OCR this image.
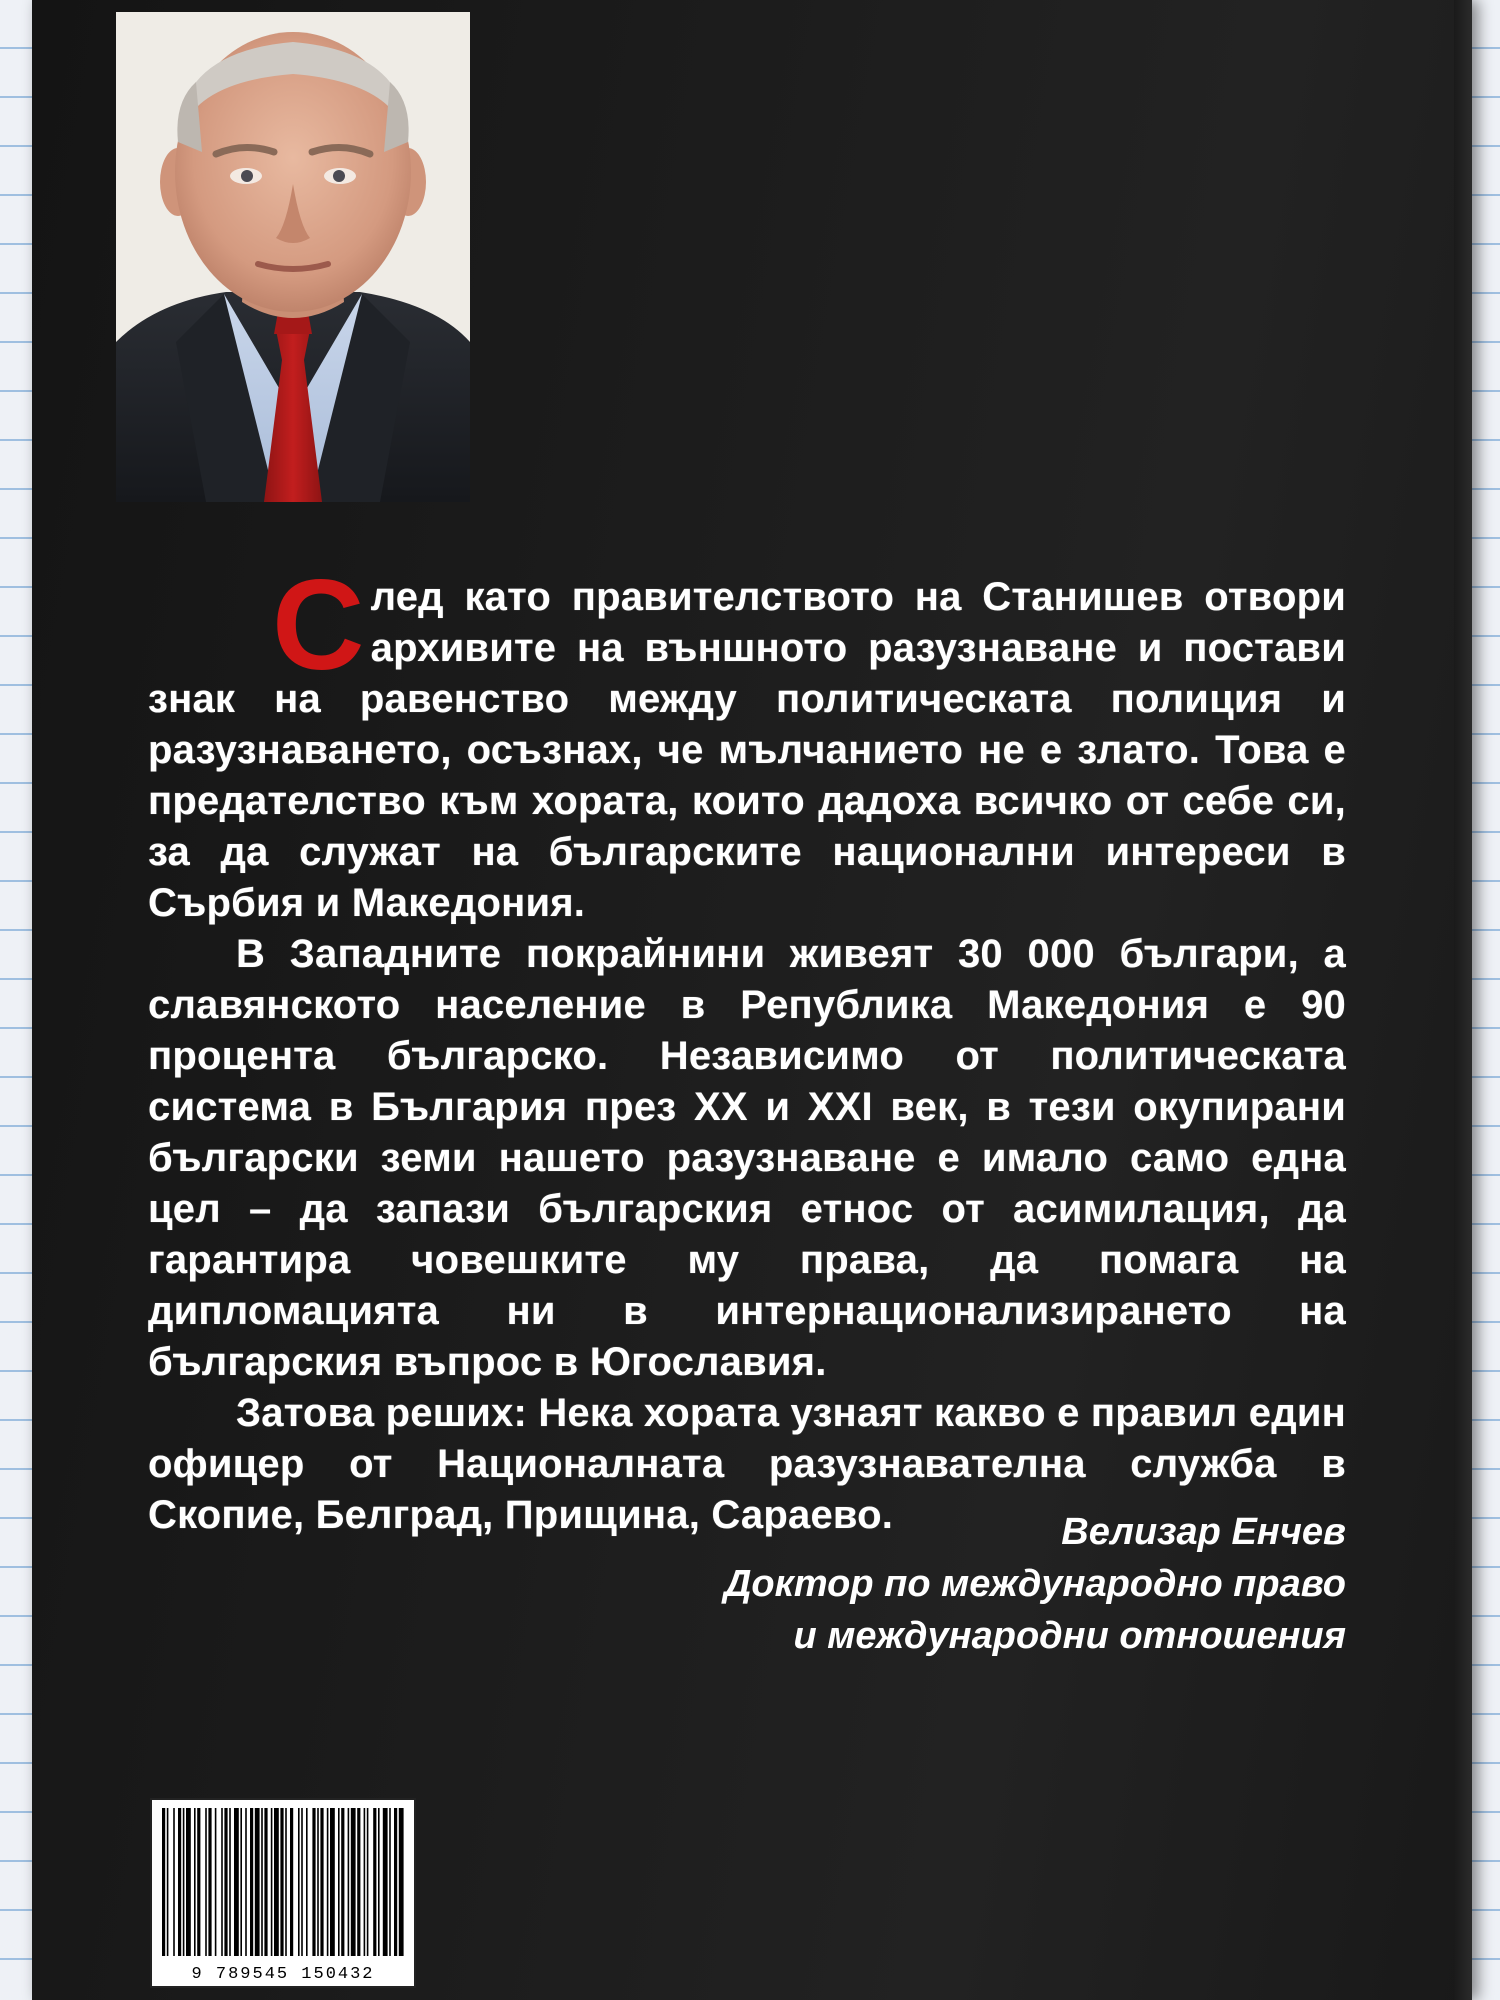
С лед като правителството на Станишев отвори архивите на външното разузнаване и постави знак на равенство между политическата полиция и разузнаването, осъзнах, че мълчанието не е злато. Това е предателство към хората, които дадоха всичко от себе си, за да служат на българските национални интереси в Сърбия и Македония.

В Западните покрайнини живеят 30 000 българи, а славянското население в Република Македония е 90 процента българско. Независимо от политическата система в България през XX и XXI век, в тези окупирани български земи нашето разузнаване е имало само една цел – да запази българския етнос от асимилация, да гарантира човешките му права, да помага на дипломацията ни в интернационализирането на българския въпрос в Югославия.

Затова реших: Нека хората узнаят какво е правил един офицер от Националната разузнавателна служба в Скопие, Белград, Прищина, Сараево.	Велизар Енчев
Доктор по международно право
и международни отношения
9 789545 150432
